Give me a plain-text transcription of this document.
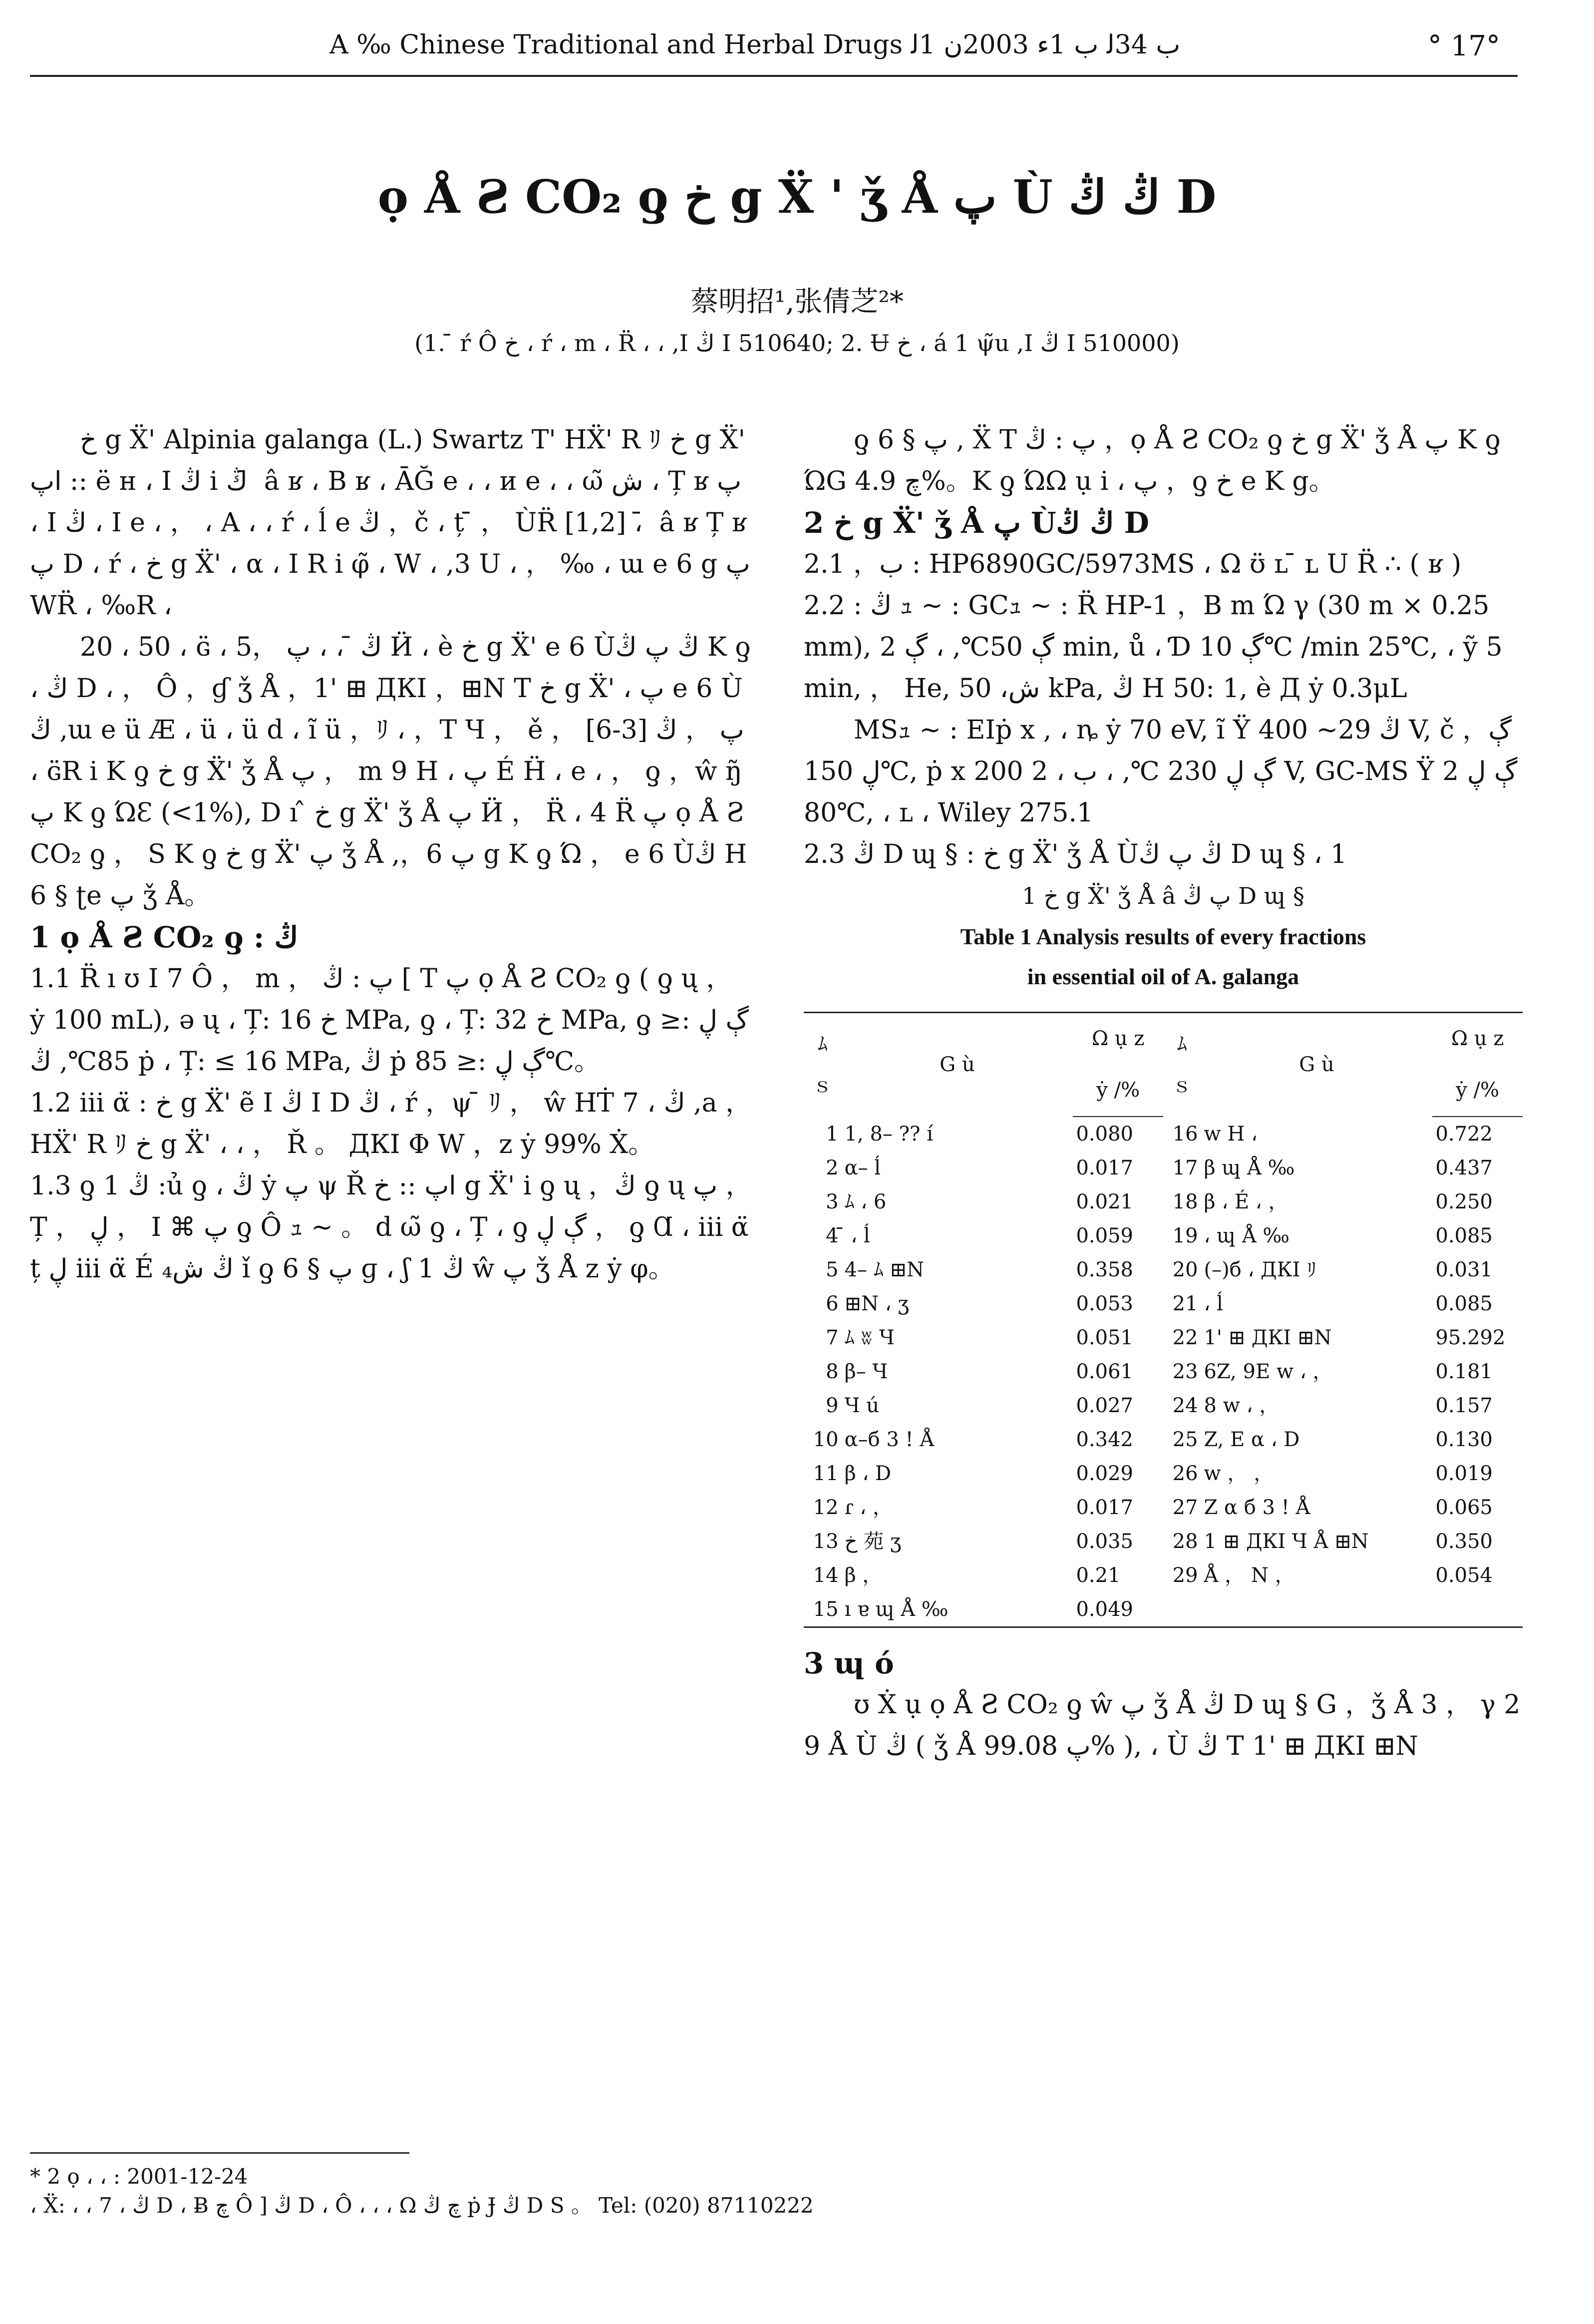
A ‰ Chinese Traditional and Herbal Drugs ب 34ﻟ ب 1ﺀ 2003ﻥ 1ﻟ	° 17°
ọ Å Ƨ CO₂ ƍ خ g Ẍ ' ǯ Å پ Ù ڭ ڭ D
蔡明招¹,张倩芝²*
(1. ̄ ŕ Ô خ ، ŕ ، m ، R̈ ، ، ,I ڭ I 510640; 2. Ʉ خ ، á 1 ψ̃u ,I ڭ I 510000)

خ g Ẍ' Alpinia galanga (L.) Swartz T' HẌ' R ﾘ خ g Ẍ' اپ :: ë ʜ ، I ڭ i ڭ ̄ â ʁ ، B ʁ ، ĀĞ e ، ، и e ، ، ω̃ ش ، Ț ʁ پ ، I ڭ ، I e ، ， ، A ، ، ŕ ، ĺ e ڭ ，č ، ț ̄ ， ÙR̈ [1,2] ، ̄ â ʁ Ț ʁ پ D ، ŕ ، خ g Ẍ' ، α ، I R i φ̃ ، W ، ,3 U ، ， ‰ ، ɯ e 6 g پ WR̈ ، ‰R ،

20 ، 50 ، ɢ̈ ، ڭ ̄ ، ، پ ，5 Ӥ ، è خ g Ẍ' e 6 Ùڭ پ ڭ K ƍ ، ڭ D ، ， Ô ，ɠ ǯ Å ，1' ⊞ ДКІ ，⊞N T خ g Ẍ' ، پ e 6 Ùڭ ,ɯ e ü Æ ، ü ، ü d ، ĩ ü ，ﾘ ، ，T Ч ， ě ， پ ， ڭ [3-6] ، ɢ̈R i K ƍ خ g Ẍ' ǯ Å پ ， m 9 H ، پ É Ḧ ، e ، ， ƍ ，ŵ ŋ̃ پ K ƍ ΏƐ (<1%), D ı ̂ خ g Ẍ' ǯ Å پ Ӥ ， R̈ ، 4 R̈ پ ọ Å Ƨ CO₂ ƍ ， S K ƍ خ g Ẍ' پ ǯ Å ,，پ 6 g K ƍ Ώ ， e 6 Ùڭ H6 § ʈe پ ǯ Å。

1 ọ Å Ƨ CO₂ ƍ : ڭ

1.1 R̈ ı ʊ I 7 Ô ， m ， پ : ڭ [ T پ ọ Å Ƨ CO₂ ƍ ( ƍ ų ， ẏ 100 mL), ə ų ، Ț: خ 16 MPa, ƍ ، Ț: خ 32 MPa, ƍ ڳ ڸ :≤ 85℃, ڭ ṗ ، Ț: ≤ 16 MPa, ڭ ṗ ڳ ڸ :≤ 85℃。

1.2 iii α̈ : خ g Ẍ' ẽ I ڭ I D ڭ ، ŕ ，ψ ̄ ﾘ ， ŵ HṪ 7 ، ڭ ,a ， HẌ' R ﾘ خ g Ẍ' ، ، ， Ř 。 ДКІ Φ W ，z ẏ 99% Ẋ。

1.3 ƍ 1 ڭ :ủ ƍ ، ڭ ẏ پ ψ Ř اپ :: خ g Ẍ' i ƍ ų ，ڭ ƍ ų پ ，Ț ， ڸ ， I ⌘ پ ƍ Ô ｭ ~ 。 d ω̃ ƍ ، Ț ، ƍ ڳ ڸ ， ƍ Ɑ ، iii α̈ ț ڸ iii α̈ É ڭ ش₄ ǐ ƍ 6 § پ ɡ ، ʃ 1 ڭ ŵ پ ǯ Å z ẏ φ。

ƍ 6 § پ , Ẍ T پ : ڭ ，ọ Å Ƨ CO₂ ƍ خ g Ẍ' ǯ Å پ K ƍ ΏG چ 4.9%。K ƍ ΏΩ ụ i ، پ ，ƍ خ e K g。

2 خ g Ẍ' ǯ Å پ Ùڭ ڭ D

2.1 ，ب : HP6890GC/5973MS ، Ω ʊ̈ ʟ ̄ ʟ U R̈ ∴ ( ʁ )

2.2 : ڭ ｭ ~ : GCｭ ~ : R̈ HP-1 ，B m Ώ γ (30 m × 0.25 mm), ڳ 50℃, ، ڳ 2 min, ů ، Ɗ ڳ 10℃ /min 25℃, ، ỹ 5 min, ， He, ش، 50 kPa, ڭ H 50: 1, è Д ẏ 0.3μL

MSｭ ~ : EIṗ x , ، ȵ ẏ 70 eV, ĩ Ÿ ڭ 29~ 400 V, č ，ڳ ڸ 150℃, ṗ x ڳ ڸ 230 ℃, ، ب ، 2 200 V, GC-MS Ÿ ڳ ڸ 280℃, ، ʟ ، Wiley 275.1

2.3 ڭ D ɰ § : خ g Ẍ' ǯ Å Ùڭ پ ڭ D ɰ § ، 1

1 خ g Ẍ' ǯ Å â پ ڭ D ɰ §

Table 1 Analysis results of every fractions

in essential oil of A. galanga

ﾑ ｓ	G ù	Ω ụ z	ﾑ ｓ	G ù	Ω ụ z
		ẏ /%			ẏ /%
1	1, 8– ?? í	0.080	16	w H ،	0.722
2	α– ĺ	0.017	17	β ɰ Å ‰	0.437
3	ﾑ ، 6	0.021	18	β ، É ، ，	0.250
4	̄ ، ĺ	0.059	19	، ɰ Å ‰	0.085
5	4– ﾑ ⊞N	0.358	20	(–)б ، ДКІ ﾘ	0.031
6	⊞N ، ʒ	0.053	21	، ĺ	0.085
7	ﾑ ʬ Ч	0.051	22	1' ⊞ ДКІ ⊞N	95.292
8	β– Ч	0.061	23	6Z, 9E w ، ，	0.181
9	Ч ú	0.027	24	8 w ، ，	0.157
10	α–б 3 ! Å	0.342	25	Z, E α ، D	0.130
11	β ، D	0.029	26	w ， ，	0.019
12	ɾ ، ，	0.017	27	Z α б 3 ! Å	0.065
13	خ 苑 ʒ	0.035	28	1 ⊞ ДКІ Ч Å ⊞N	0.350
14	β ，	0.21	29	Å ， N ，	0.054
15	ı ɐ ɰ Å ‰	0.049			

3 ɰ ó

ʊ Ẋ ụ ọ Å Ƨ CO₂ ƍ ŵ پ ǯ Å ڭ D ɰ § G ，ǯ Å 3 ， γ 29 Å Ù ڭ ( ǯ Å پ 99.08% ), ، Ù ڭ T 1' ⊞ ДКІ ⊞N

* 2 ọ ، ، : 2001-12-24
، Ẍ: ، ، 7 ، ڭ D ، Ƀ چ Ô ] ڭ D ، Ô ، ، ، Ω چ ڭ ṗ Ɉ ڭ D S 。 Tel: (020) 87110222
